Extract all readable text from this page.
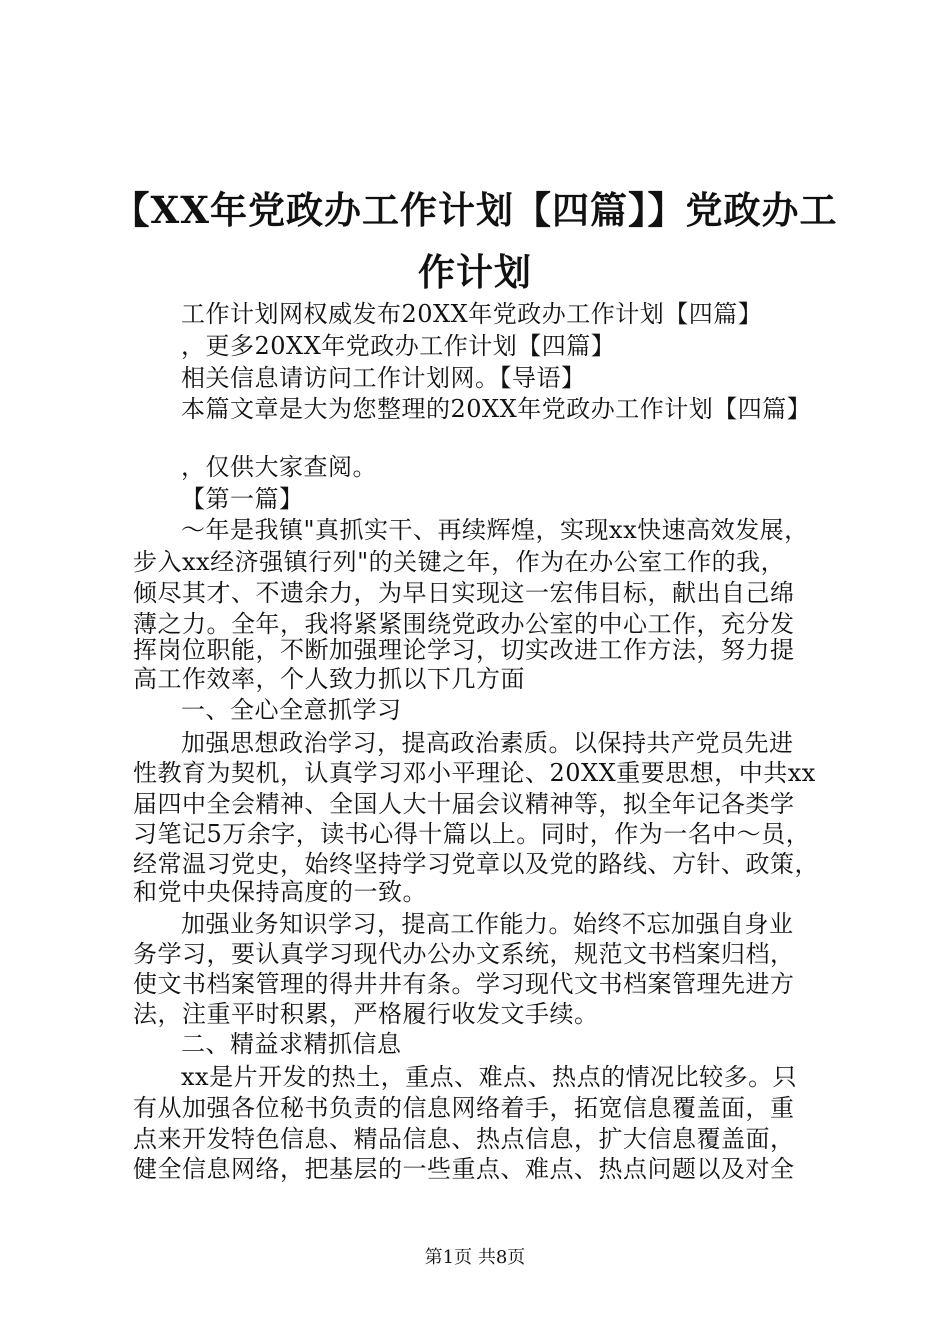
【XX年党政办工作计划【四篇】】党政办工
作计划
工作计划网权威发布20XX年党政办工作计划【四篇】
，更多20XX年党政办工作计划【四篇】
相关信息请访问工作计划网。【导语】
本篇文章是大为您整理的20XX年党政办工作计划【四篇】
，仅供大家查阅。
【第一篇】
～年是我镇"真抓实干、再续辉煌，实现xx快速高效发展，
步入xx经济强镇行列"的关键之年，作为在办公室工作的我，
倾尽其才、不遗余力，为早日实现这一宏伟目标，献出自己绵
薄之力。全年，我将紧紧围绕党政办公室的中心工作，充分发
挥岗位职能，不断加强理论学习，切实改进工作方法，努力提
高工作效率，个人致力抓以下几方面
一、全心全意抓学习
加强思想政治学习，提高政治素质。以保持共产党员先进
性教育为契机，认真学习邓小平理论、20XX重要思想，中共xx
届四中全会精神、全国人大十届会议精神等，拟全年记各类学
习笔记5万余字，读书心得十篇以上。同时，作为一名中～员，
经常温习党史，始终坚持学习党章以及党的路线、方针、政策，
和党中央保持高度的一致。
加强业务知识学习，提高工作能力。始终不忘加强自身业
务学习，要认真学习现代办公办文系统，规范文书档案归档，
使文书档案管理的得井井有条。学习现代文书档案管理先进方
法，注重平时积累，严格履行收发文手续。
二、精益求精抓信息
xx是片开发的热土，重点、难点、热点的情况比较多。只
有从加强各位秘书负责的信息网络着手，拓宽信息覆盖面，重
点来开发特色信息、精品信息、热点信息，扩大信息覆盖面，
健全信息网络，把基层的一些重点、难点、热点问题以及对全
第1页 共8页
